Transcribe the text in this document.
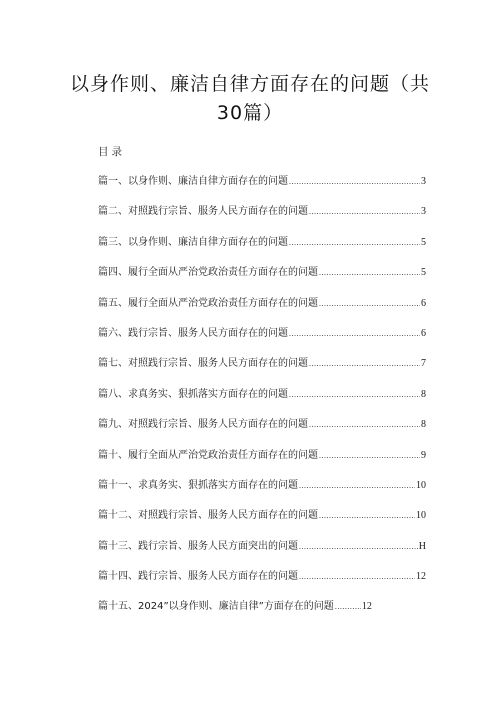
以身作则、廉洁自律方面存在的问题（共30篇）
目录
篇一、以身作则、廉洁自律方面存在的问题 .....	3
篇二、对照践行宗旨、服务人民方面存在的问题 .....	3
篇三、以身作则、廉洁自律方面存在的问题 .....	5
篇四、履行全面从严治党政治责任方面存在的问题 .....	5
篇五、履行全面从严治党政治责任方面存在的问题 .....	6
篇六、践行宗旨、服务人民方面存在的问题 .....	6
篇七、对照践行宗旨、服务人民方面存在的问题 .....	7
篇八、求真务实、狠抓落实方面存在的问题 .....	8
篇九、对照践行宗旨、服务人民方面存在的问题 .....	8
篇十、履行全面从严治党政治责任方面存在的问题 .....	9
篇十一、求真务实、狠抓落实方面存在的问题 .....	10
篇十二、对照践行宗旨、服务人民方面存在的问题 .....	10
篇十三、践行宗旨、服务人民方面突出的问题 .....	H
篇十四、践行宗旨、服务人民方面存在的问题 .....	12
篇十五、2024”以身作则、廉洁自律”方面存在的问题 .....	12
